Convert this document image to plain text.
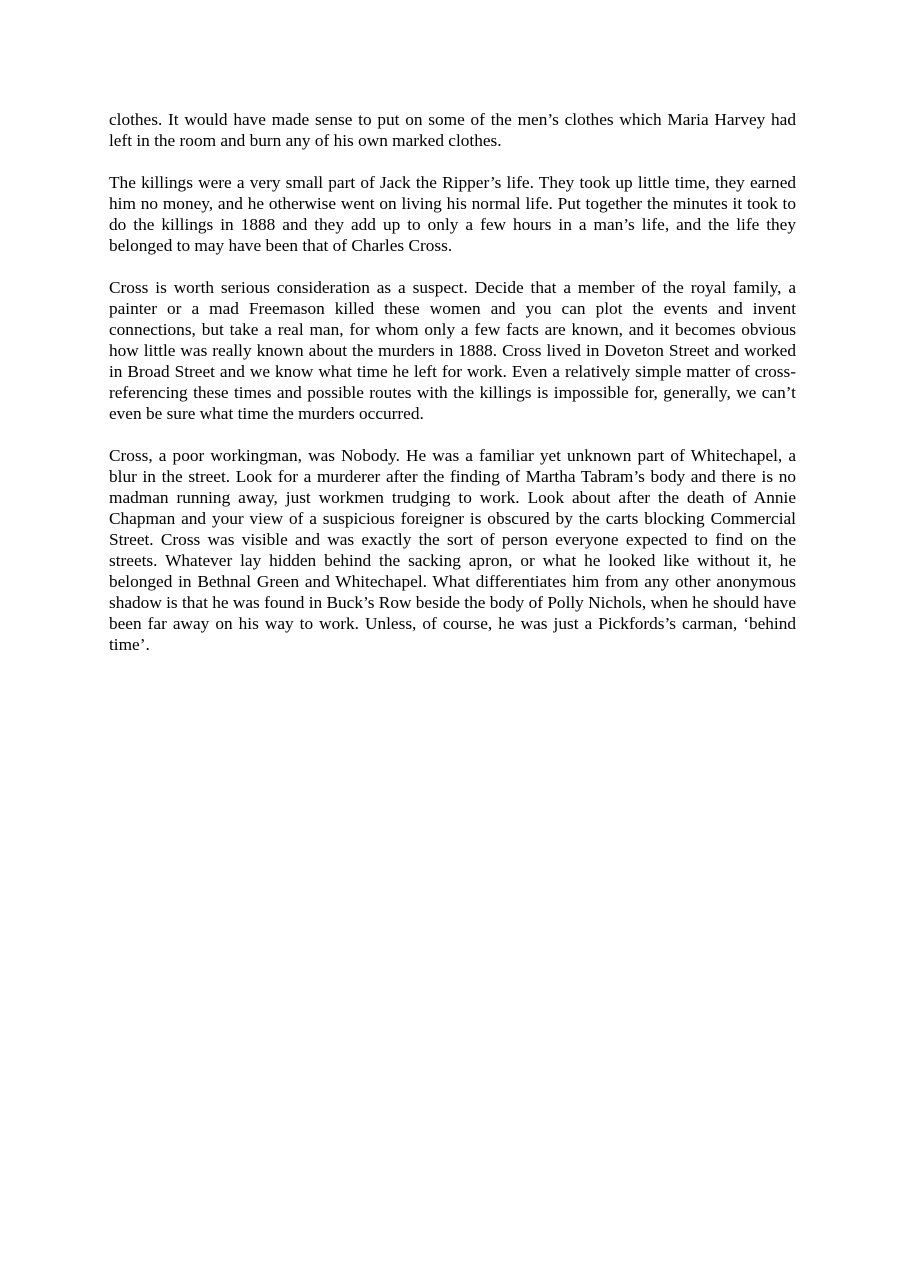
clothes. It would have made sense to put on some of the men’s clothes which Maria Harvey had left in the room and burn any of his own marked clothes.

The killings were a very small part of Jack the Ripper’s life. They took up little time, they earned him no money, and he otherwise went on living his normal life. Put together the minutes it took to do the killings in 1888 and they add up to only a few hours in a man’s life, and the life they belonged to may have been that of Charles Cross.

Cross is worth serious consideration as a suspect. Decide that a member of the royal family, a painter or a mad Freemason killed these women and you can plot the events and invent connections, but take a real man, for whom only a few facts are known, and it becomes obvious how little was really known about the murders in 1888. Cross lived in Doveton Street and worked in Broad Street and we know what time he left for work. Even a relatively simple matter of cross-referencing these times and possible routes with the killings is impossible for, generally, we can’t even be sure what time the murders occurred.

Cross, a poor workingman, was Nobody. He was a familiar yet unknown part of Whitechapel, a blur in the street. Look for a murderer after the finding of Martha Tabram’s body and there is no madman running away, just workmen trudging to work. Look about after the death of Annie Chapman and your view of a suspicious foreigner is obscured by the carts blocking Commercial Street. Cross was visible and was exactly the sort of person everyone expected to find on the streets. Whatever lay hidden behind the sacking apron, or what he looked like without it, he belonged in Bethnal Green and Whitechapel. What differentiates him from any other anonymous shadow is that he was found in Buck’s Row beside the body of Polly Nichols, when he should have been far away on his way to work. Unless, of course, he was just a Pickfords’s carman, ‘behind time’.
